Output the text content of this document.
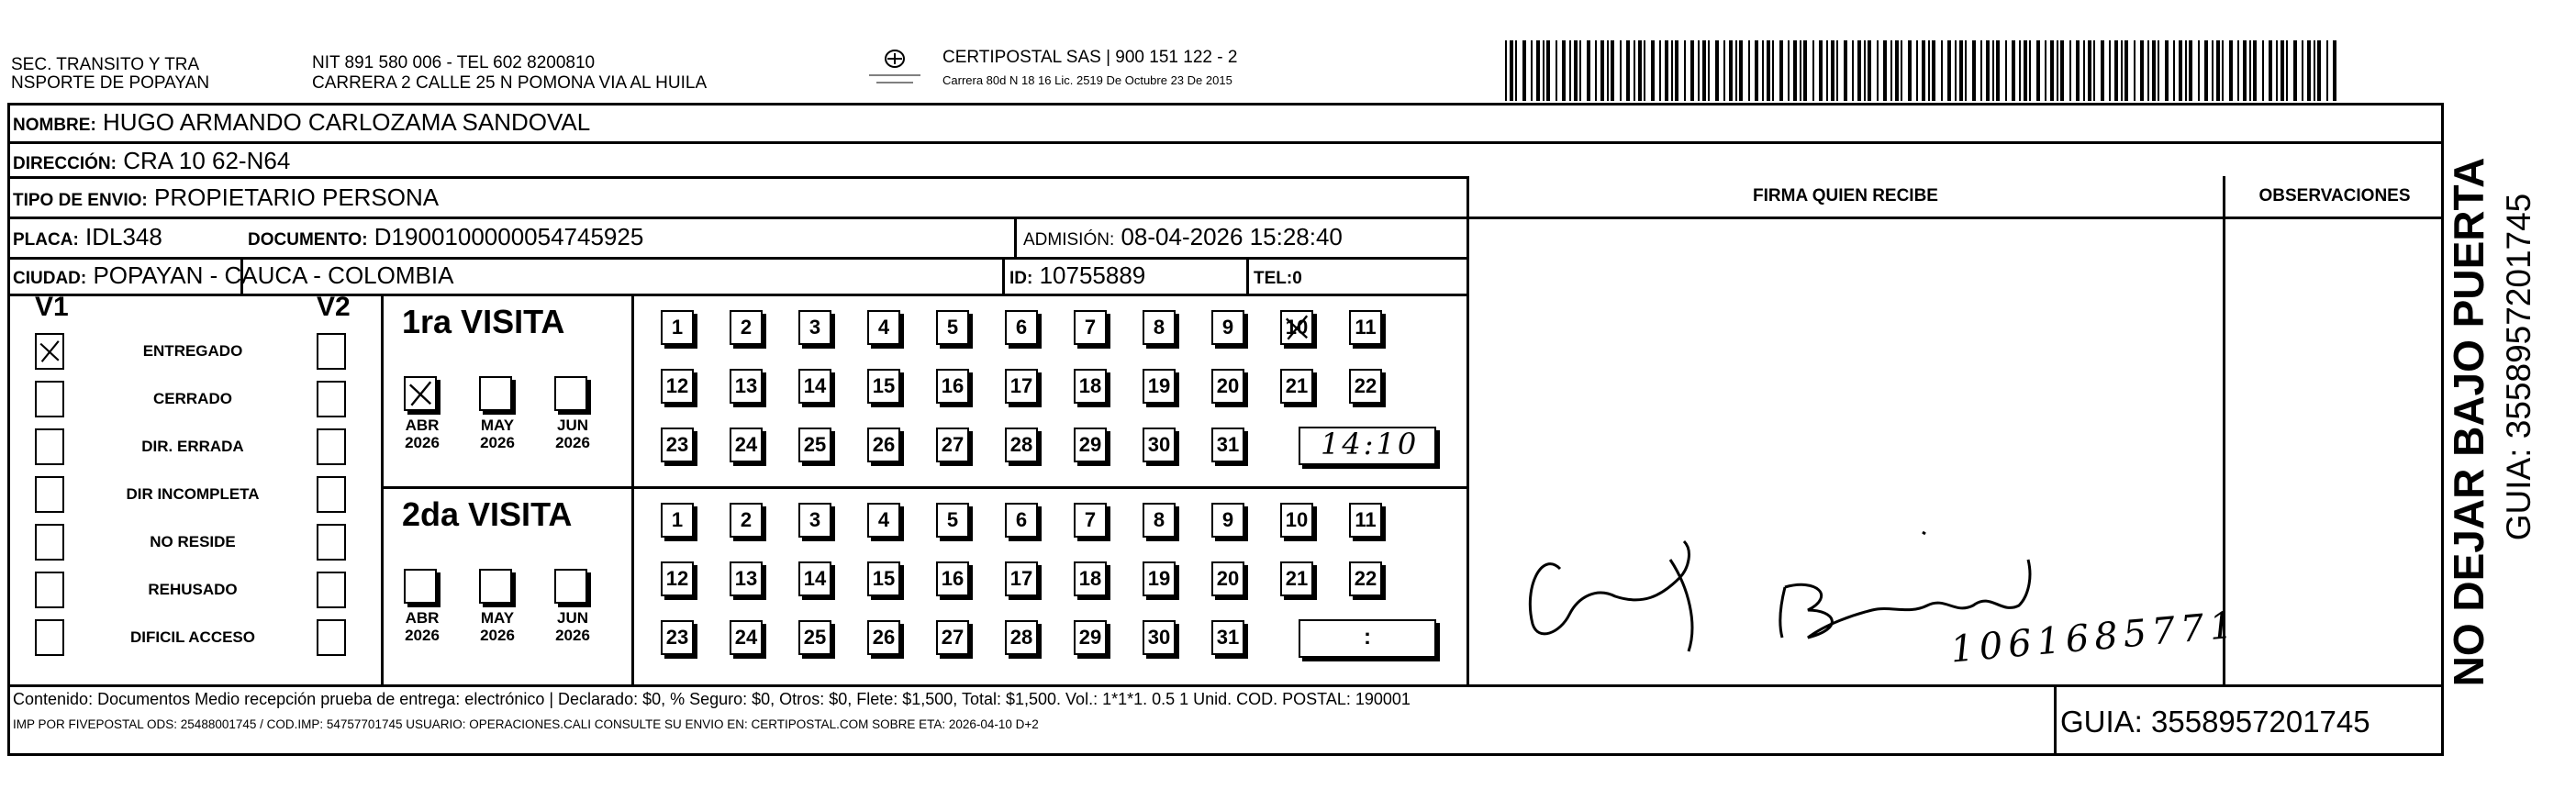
SEC. TRANSITO Y TRA
NSPORTE DE POPAYAN
NIT 891 580 006 - TEL 602 8200810
CARRERA 2 CALLE 25 N POMONA VIA AL HUILA
CERTIPOSTAL SAS | 900 151 122 - 2
Carrera 80d N 18 16 Lic. 2519 De Octubre 23 De 2015
NOMBRE: HUGO ARMANDO CARLOZAMA SANDOVAL
DIRECCIÓN: CRA 10 62-N64
TIPO DE ENVIO: PROPIETARIO PERSONA
PLACA: IDL348	DOCUMENTO: D1900100000054745925	ADMISIÓN: 08-04-2026 15:28:40
CIUDAD: POPAYAN - CAUCA - COLOMBIA	ID: 10755889	TEL:0
FIRMA QUIEN RECIBE	OBSERVACIONES
V1	V2
ENTREGADO
CERRADO
DIR. ERRADA
DIR INCOMPLETA
NO RESIDE
REHUSADO
DIFICIL ACCESO
1ra VISITA
2da VISITA
ABR
2026
MAY
2026
JUN
2026
ABR
2026
MAY
2026
JUN
2026
1	2	3	4	5	6	7	8	9	10 11
12 13 14 15 16 17 18 19 20 21 22
23 24 25 26 27 28 29 30 31
1	2	3	4	5	6	7	8	9	10 11
12 13 14 15 16 17 18 19 20 21 22
23 24 25 26 27 28 29 30 31
14:10
:	1061685771
Contenido: Documentos Medio recepción prueba de entrega: electrónico | Declarado: $0, % Seguro: $0, Otros: $0, Flete: $1,500, Total: $1,500. Vol.: 1*1*1. 0.5 1 Unid. COD. POSTAL: 190001
IMP POR FIVEPOSTAL ODS: 25488001745 / COD.IMP: 54757701745 USUARIO: OPERACIONES.CALI CONSULTE SU ENVIO EN: CERTIPOSTAL.COM SOBRE ETA: 2026-04-10 D+2	GUIA: 3558957201745
NO DEJAR BAJO PUERTA GUIA: 3558957201745
